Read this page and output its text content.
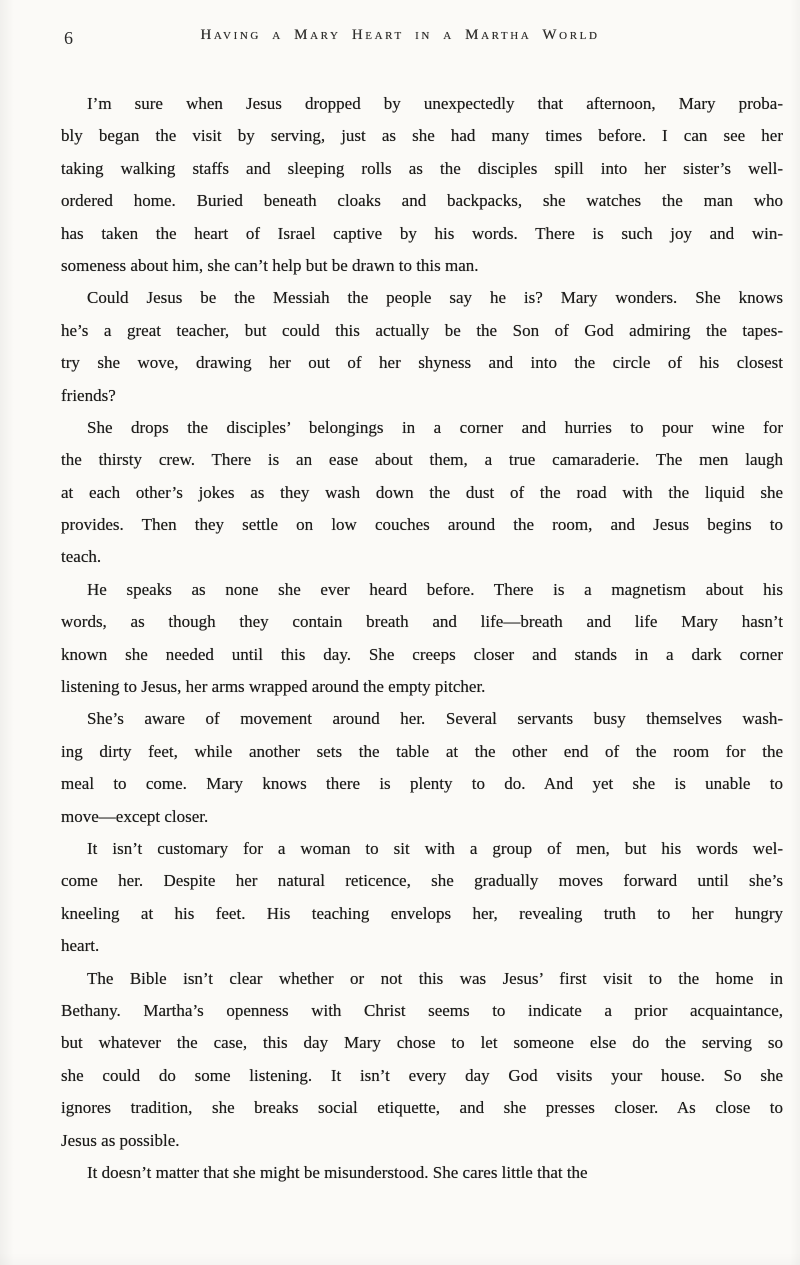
6	Having a Mary Heart in a Martha World

I’m sure when Jesus dropped by unexpectedly that afternoon, Mary proba-
bly began the visit by serving, just as she had many times before. I can see her
taking walking staffs and sleeping rolls as the disciples spill into her sister’s well-
ordered home. Buried beneath cloaks and backpacks, she watches the man who
has taken the heart of Israel captive by his words. There is such joy and win-
someness about him, she can’t help but be drawn to this man.

Could Jesus be the Messiah the people say he is? Mary wonders. She knows
he’s a great teacher, but could this actually be the Son of God admiring the tapes-
try she wove, drawing her out of her shyness and into the circle of his closest
friends?

She drops the disciples’ belongings in a corner and hurries to pour wine for
the thirsty crew. There is an ease about them, a true camaraderie. The men laugh
at each other’s jokes as they wash down the dust of the road with the liquid she
provides. Then they settle on low couches around the room, and Jesus begins to
teach.

He speaks as none she ever heard before. There is a magnetism about his
words, as though they contain breath and life—breath and life Mary hasn’t
known she needed until this day. She creeps closer and stands in a dark corner
listening to Jesus, her arms wrapped around the empty pitcher.

She’s aware of movement around her. Several servants busy themselves wash-
ing dirty feet, while another sets the table at the other end of the room for the
meal to come. Mary knows there is plenty to do. And yet she is unable to
move—except closer.

It isn’t customary for a woman to sit with a group of men, but his words wel-
come her. Despite her natural reticence, she gradually moves forward until she’s
kneeling at his feet. His teaching envelops her, revealing truth to her hungry
heart.

The Bible isn’t clear whether or not this was Jesus’ first visit to the home in
Bethany. Martha’s openness with Christ seems to indicate a prior acquaintance,
but whatever the case, this day Mary chose to let someone else do the serving so
she could do some listening. It isn’t every day God visits your house. So she
ignores tradition, she breaks social etiquette, and she presses closer. As close to
Jesus as possible.

It doesn’t matter that she might be misunderstood. She cares little that the
